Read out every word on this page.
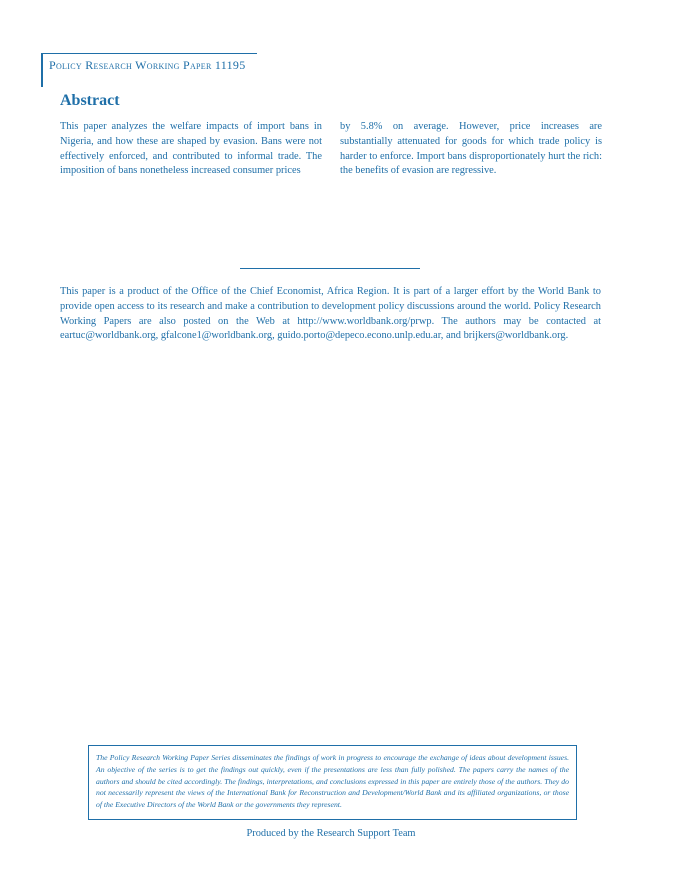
Policy Research Working Paper 11195
Abstract

This paper analyzes the welfare impacts of import bans in Nigeria, and how these are shaped by evasion. Bans were not effectively enforced, and contributed to informal trade. The imposition of bans nonetheless increased consumer prices

by 5.8% on average. However, price increases are substantially attenuated for goods for which trade policy is harder to enforce. Import bans disproportionately hurt the rich: the benefits of evasion are regressive.

This paper is a product of the Office of the Chief Economist, Africa Region. It is part of a larger effort by the World Bank to provide open access to its research and make a contribution to development policy discussions around the world. Policy Research Working Papers are also posted on the Web at http://www.worldbank.org/prwp. The authors may be contacted at eartuc@worldbank.org, gfalcone1@worldbank.org, guido.porto@depeco.econo.unlp.edu.ar, and brijkers@worldbank.org.

The Policy Research Working Paper Series disseminates the findings of work in progress to encourage the exchange of ideas about development issues. An objective of the series is to get the findings out quickly, even if the presentations are less than fully polished. The papers carry the names of the authors and should be cited accordingly. The findings, interpretations, and conclusions expressed in this paper are entirely those of the authors. They do not necessarily represent the views of the International Bank for Reconstruction and Development/World Bank and its affiliated organizations, or those of the Executive Directors of the World Bank or the governments they represent.

Produced by the Research Support Team
